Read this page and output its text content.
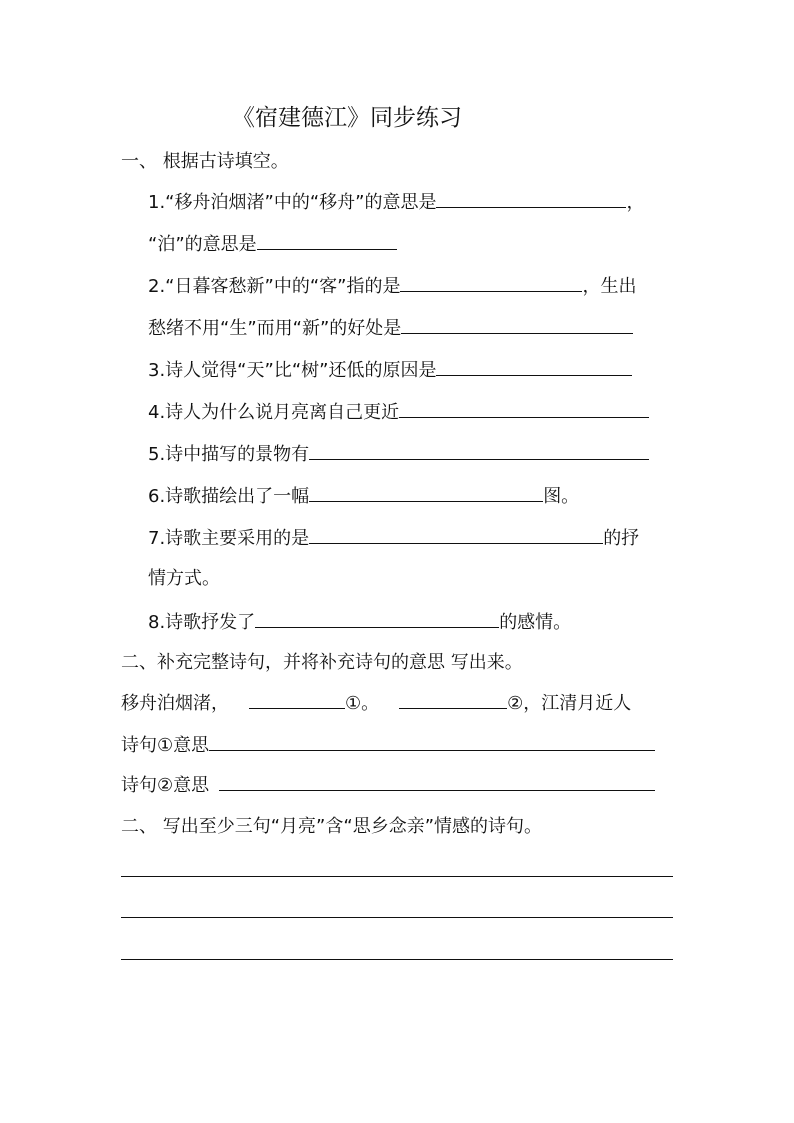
《宿建德江》同步练习
一、 根据古诗填空。
1.“移舟泊烟渚”中的“移舟”的意思是	，
“泊”的意思是
2.“日暮客愁新”中的“客”指的是	，生出
愁绪不用“生”而用“新”的好处是
3.诗人觉得“天”比“树”还低的原因是
4.诗人为什么说月亮离自己更近
5.诗中描写的景物有
6.诗歌描绘出了一幅	图。
7.诗歌主要采用的是	的抒
情方式。
8.诗歌抒发了	的感情。
二、补充完整诗句，并将补充诗句的意思 写出来。
移舟泊烟渚，	①。	②，江清月近人
诗句①意思
诗句②意思
二、 写出至少三句“月亮”含“思乡念亲”情感的诗句。
